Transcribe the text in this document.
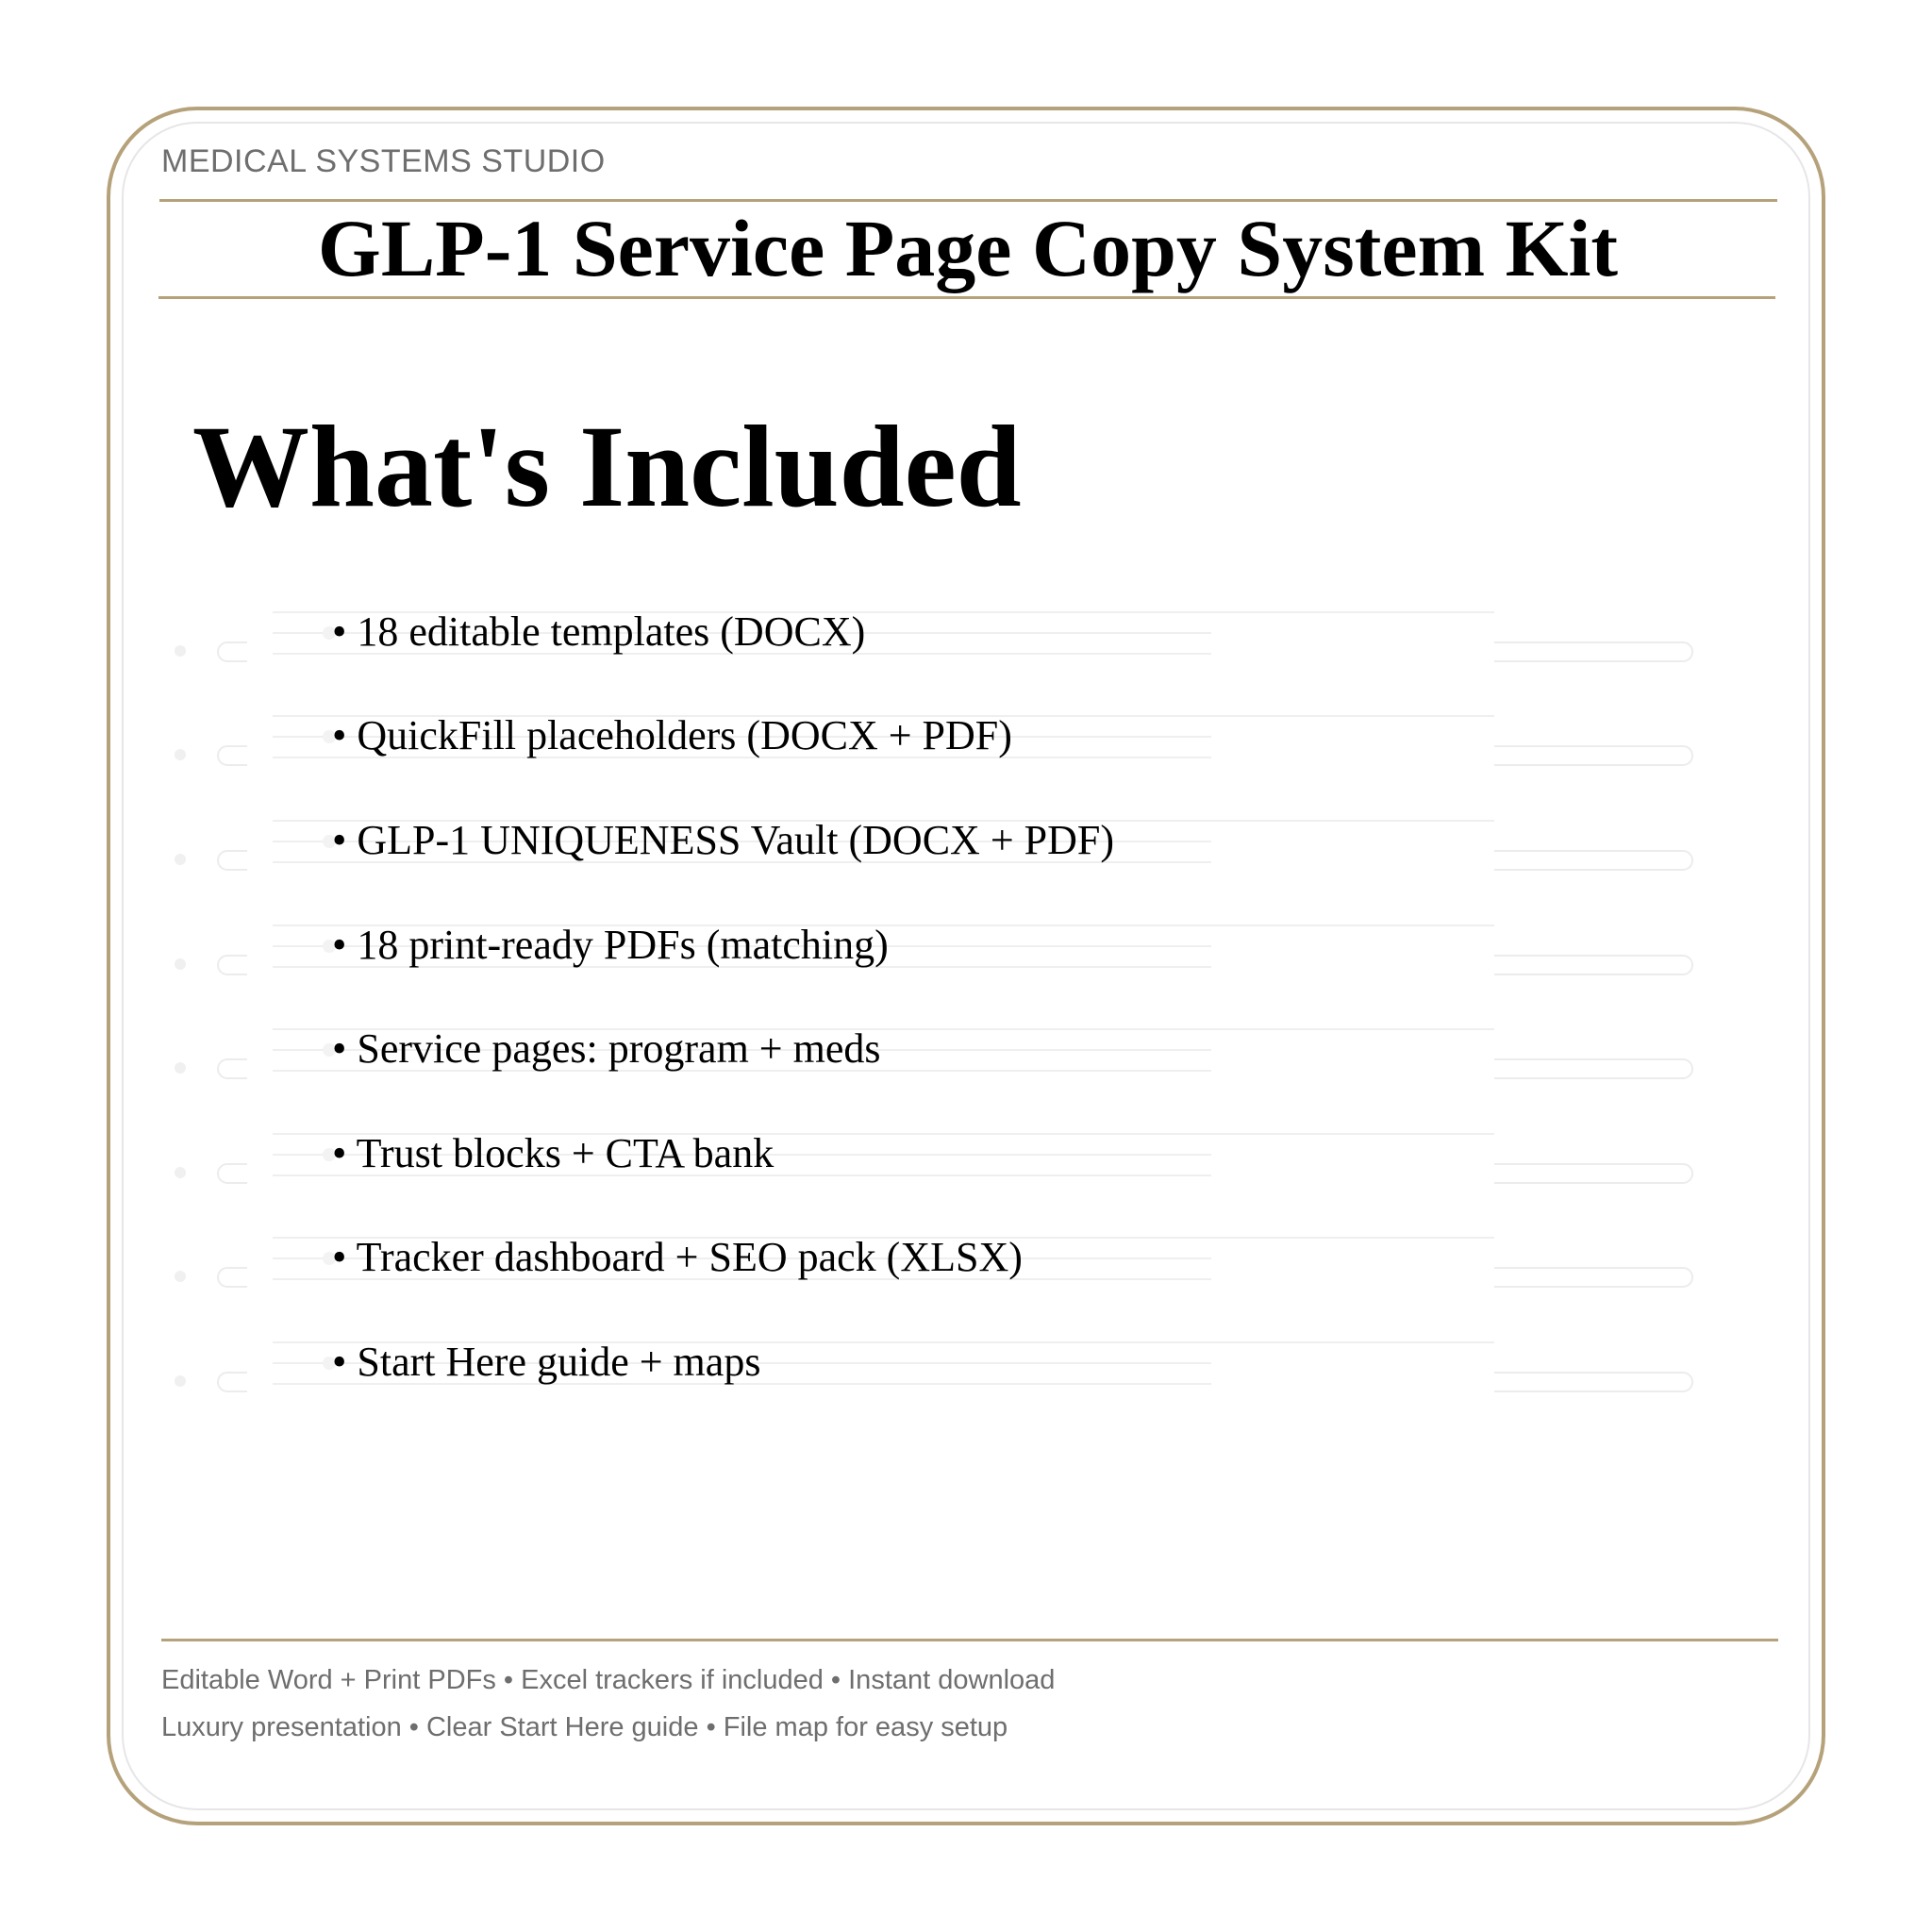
MEDICAL SYSTEMS STUDIO
GLP-1 Service Page Copy System Kit
What's Included
• 18 editable templates (DOCX)
• QuickFill placeholders (DOCX + PDF)
• GLP-1 UNIQUENESS Vault (DOCX + PDF)
• 18 print-ready PDFs (matching)
• Service pages: program + meds
• Trust blocks + CTA bank
• Tracker dashboard + SEO pack (XLSX)
• Start Here guide + maps
Editable Word + Print PDFs • Excel trackers if included • Instant download
Luxury presentation • Clear Start Here guide • File map for easy setup
